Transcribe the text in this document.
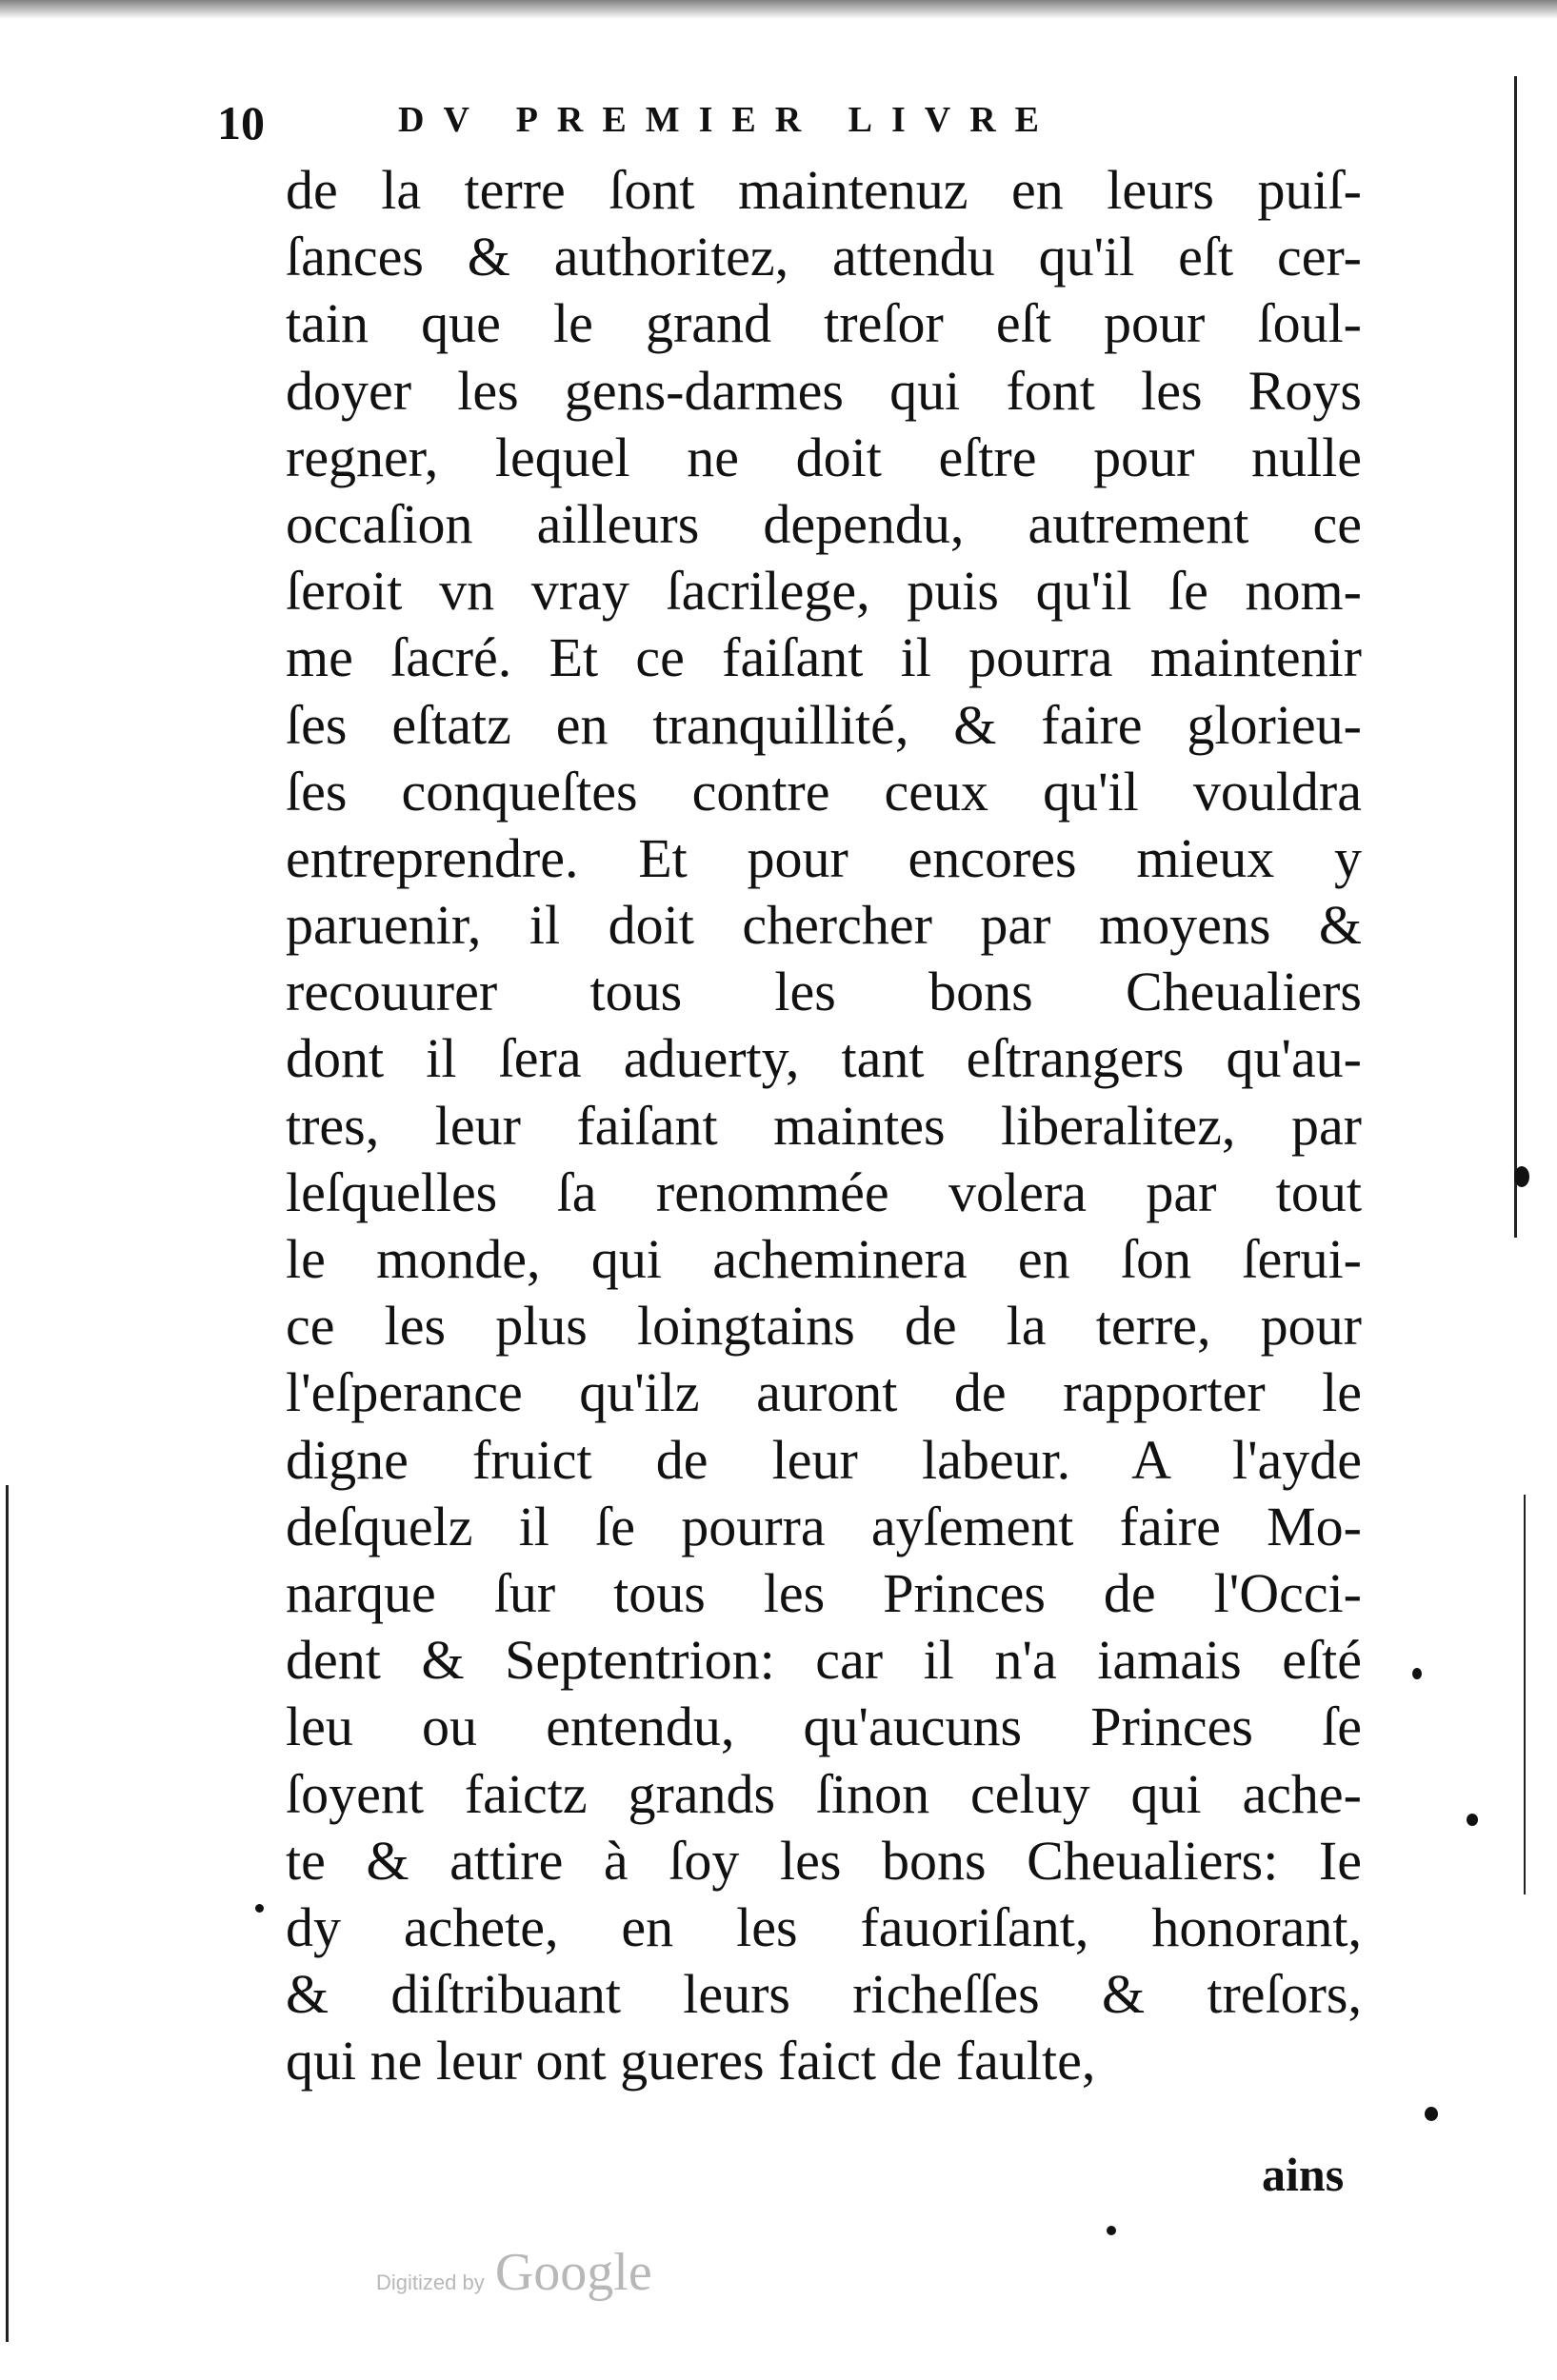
10	DV PREMIER LIVRE
de la terre ſont maintenuz en leurs puiſ-
ſances & authoritez, attendu qu'il eſt cer-
tain que le grand treſor eſt pour ſoul-
doyer les gens-darmes qui font les Roys
regner, lequel ne doit eſtre pour nulle
occaſion ailleurs dependu, autrement ce
ſeroit vn vray ſacrilege, puis qu'il ſe nom-
me ſacré. Et ce faiſant il pourra maintenir
ſes eſtatz en tranquillité, & faire glorieu-
ſes conqueſtes contre ceux qu'il vouldra
entreprendre. Et pour encores mieux y
paruenir, il doit chercher par moyens &
recouurer tous les bons Cheualiers
dont il ſera aduerty, tant eſtrangers qu'au-
tres, leur faiſant maintes liberalitez, par
leſquelles ſa renommée volera par tout
le monde, qui acheminera en ſon ſerui-
ce les plus loingtains de la terre, pour
l'eſperance qu'ilz auront de rapporter le
digne fruict de leur labeur. A l'ayde
deſquelz il ſe pourra ayſement faire Mo-
narque ſur tous les Princes de l'Occi-
dent & Septentrion: car il n'a iamais eſté
leu ou entendu, qu'aucuns Princes ſe
ſoyent faictz grands ſinon celuy qui ache-
te & attire à ſoy les bons Cheualiers: Ie
dy achete, en les fauoriſant, honorant,
& diſtribuant leurs richeſſes & treſors,
qui ne leur ont gueres faict de faulte,
ains
Digitized by Google
